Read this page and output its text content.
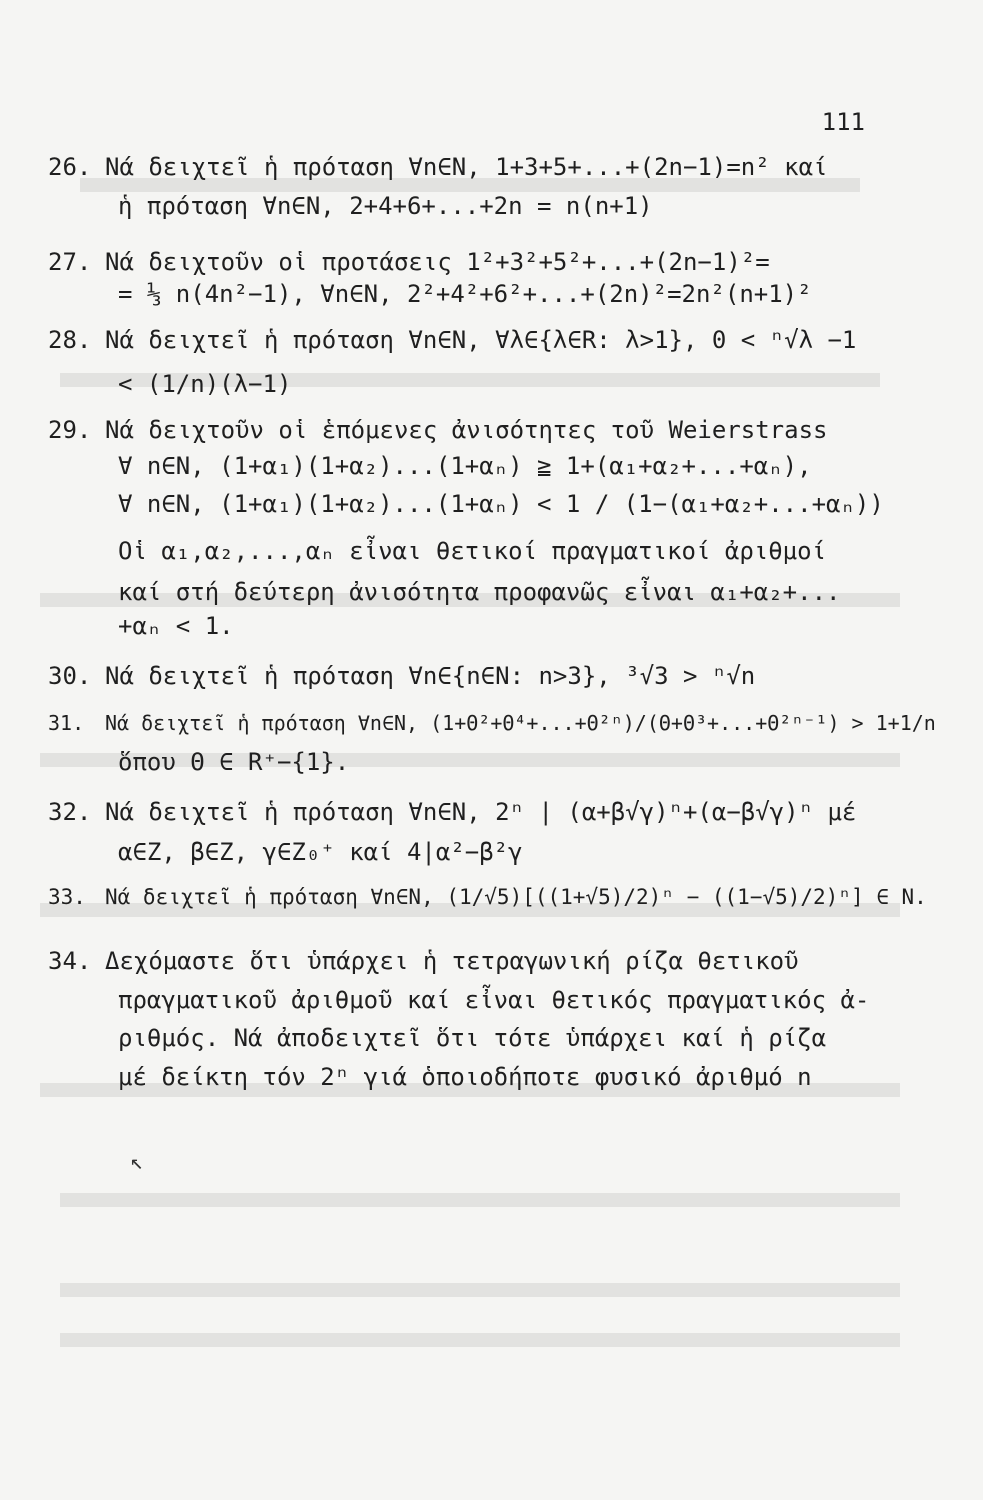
111
26. Νά δειχτεῖ ἡ πρόταση ∀n∈N, 1+3+5+...+(2n−1)=n² καί
ἡ πρόταση ∀n∈N, 2+4+6+...+2n = n(n+1)
27. Νά δειχτοῦν οἱ προτάσεις 1²+3²+5²+...+(2n−1)²=
= ⅓ n(4n²−1), ∀n∈N, 2²+4²+6²+...+(2n)²=2n²(n+1)²
28. Νά δειχτεῖ ἡ πρόταση ∀n∈N, ∀λ∈{λ∈R: λ>1}, 0 < ⁿ√λ −1
< (1/n)(λ−1)
29. Νά δειχτοῦν οἱ ἑπόμενες ἀνισότητες τοῦ Weierstrass
∀ n∈N, (1+α₁)(1+α₂)...(1+αₙ) ≧ 1+(α₁+α₂+...+αₙ),
∀ n∈N, (1+α₁)(1+α₂)...(1+αₙ) < 1 / (1−(α₁+α₂+...+αₙ))
Οἱ α₁,α₂,...,αₙ εἶναι θετικοί πραγματικοί ἀριθμοί
καί στή δεύτερη ἀνισότητα προφανῶς εἶναι α₁+α₂+...
+αₙ < 1.
30. Νά δειχτεῖ ἡ πρόταση ∀n∈{n∈N: n>3}, ³√3 > ⁿ√n
31. Νά δειχτεῖ ἡ πρόταση ∀n∈N, (1+Θ²+Θ⁴+...+Θ²ⁿ)/(Θ+Θ³+...+Θ²ⁿ⁻¹) > 1+1/n
ὅπου Θ ∈ R⁺−{1}.
32. Νά δειχτεῖ ἡ πρόταση ∀n∈N, 2ⁿ | (α+β√γ)ⁿ+(α−β√γ)ⁿ μέ
α∈Z, β∈Z, γ∈Z₀⁺ καί 4|α²−β²γ
33. Νά δειχτεῖ ἡ πρόταση ∀n∈N, (1/√5)[((1+√5)/2)ⁿ − ((1−√5)/2)ⁿ] ∈ N.
34. Δεχόμαστε ὅτι ὑπάρχει ἡ τετραγωνική ρίζα θετικοῦ
πραγματικοῦ ἀριθμοῦ καί εἶναι θετικός πραγματικός ἀ-
ριθμός. Νά ἀποδειχτεῖ ὅτι τότε ὑπάρχει καί ἡ ρίζα
μέ δείκτη τόν 2ⁿ γιά ὁποιοδήποτε φυσικό ἀριθμό n
↖
